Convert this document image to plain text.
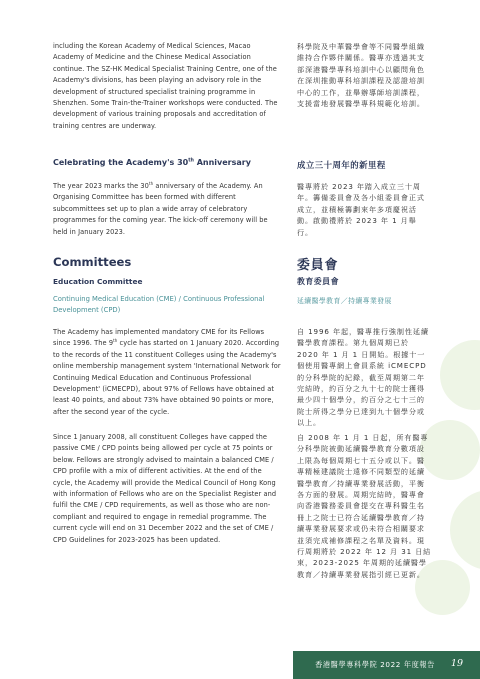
including the Korean Academy of Medical Sciences, Macao Academy of Medicine and the Chinese Medical Association continue. The SZ-HK Medical Specialist Training Centre, one of the Academy's divisions, has been playing an advisory role in the development of structured specialist training programme in Shenzhen. Some Train-the-Trainer workshops were conducted. The development of various training proposals and accreditation of training centres are underway.

Celebrating the Academy's 30th Anniversary

The year 2023 marks the 30th anniversary of the Academy. An Organising Committee has been formed with different subcommittees set up to plan a wide array of celebratory programmes for the coming year. The kick-off ceremony will be held in January 2023.

Committees
Education Committee

Continuing Medical Education (CME) / Continuous Professional Development (CPD)

The Academy has implemented mandatory CME for its Fellows since 1996. The 9th cycle has started on 1 January 2020. According to the records of the 11 constituent Colleges using the Academy's online membership management system 'International Network for Continuing Medical Education and Continuous Professional Development' (iCMECPD), about 97% of Fellows have obtained at least 40 points, and about 73% have obtained 90 points or more, after the second year of the cycle.

Since 1 January 2008, all constituent Colleges have capped the passive CME / CPD points being allowed per cycle at 75 points or below. Fellows are strongly advised to maintain a balanced CME / CPD profile with a mix of different activities. At the end of the cycle, the Academy will provide the Medical Council of Hong Kong with information of Fellows who are on the Specialist Register and fulfil the CME / CPD requirements, as well as those who are non-compliant and required to engage in remedial programme. The current cycle will end on 31 December 2022 and the set of CME / CPD Guidelines for 2023-2025 has been updated.

科學院及中華醫學會等不同醫學組織維持合作夥伴關係。醫專亦透過其支部深港醫學專科培訓中心以顧問角色在深圳推動專科培訓課程及認證培訓中心的工作，並舉辦導師培訓課程，支援當地發展醫學專科規範化培訓。

成立三十周年的新里程

醫專將於 2023 年踏入成立三十周年。籌備委員會及各小組委員會正式成立，並積極籌劃來年多項慶祝活動。啟動禮將於 2023 年 1 月舉行。

委員會
教育委員會
延續醫學教育／持續專業發展

自 1996 年起，醫專推行強制性延續醫學教育課程。第九個周期已於 2020 年 1 月 1 日開始。根據十一個使用醫專網上會員系統 iCMECPD 的分科學院的紀錄，截至周期第二年完結時，約百分之九十七的院士獲得最少四十個學分，約百分之七十三的院士所得之學分已達到九十個學分或以上。

自 2008 年 1 月 1 日起，所有醫專分科學院被動延續醫學教育分數項設上限為每個周期七十五分或以下。醫專精極建議院士遠修不同類型的延續醫學教育／持續專業發展活動，平衡各方面的發展。周期完結時，醫專會向香港醫務委員會提交在專科醫生名冊上之院士已符合延續醫學教育／持續專業發展要求或仍未符合相關要求並須完成補修課程之名單及資料。現行周期將於 2022 年 12 月 31 日結束，2023-2025 年周期的延續醫學教育／持續專業發展指引經已更新。

香港醫學專科學院 2022 年度報告 19
